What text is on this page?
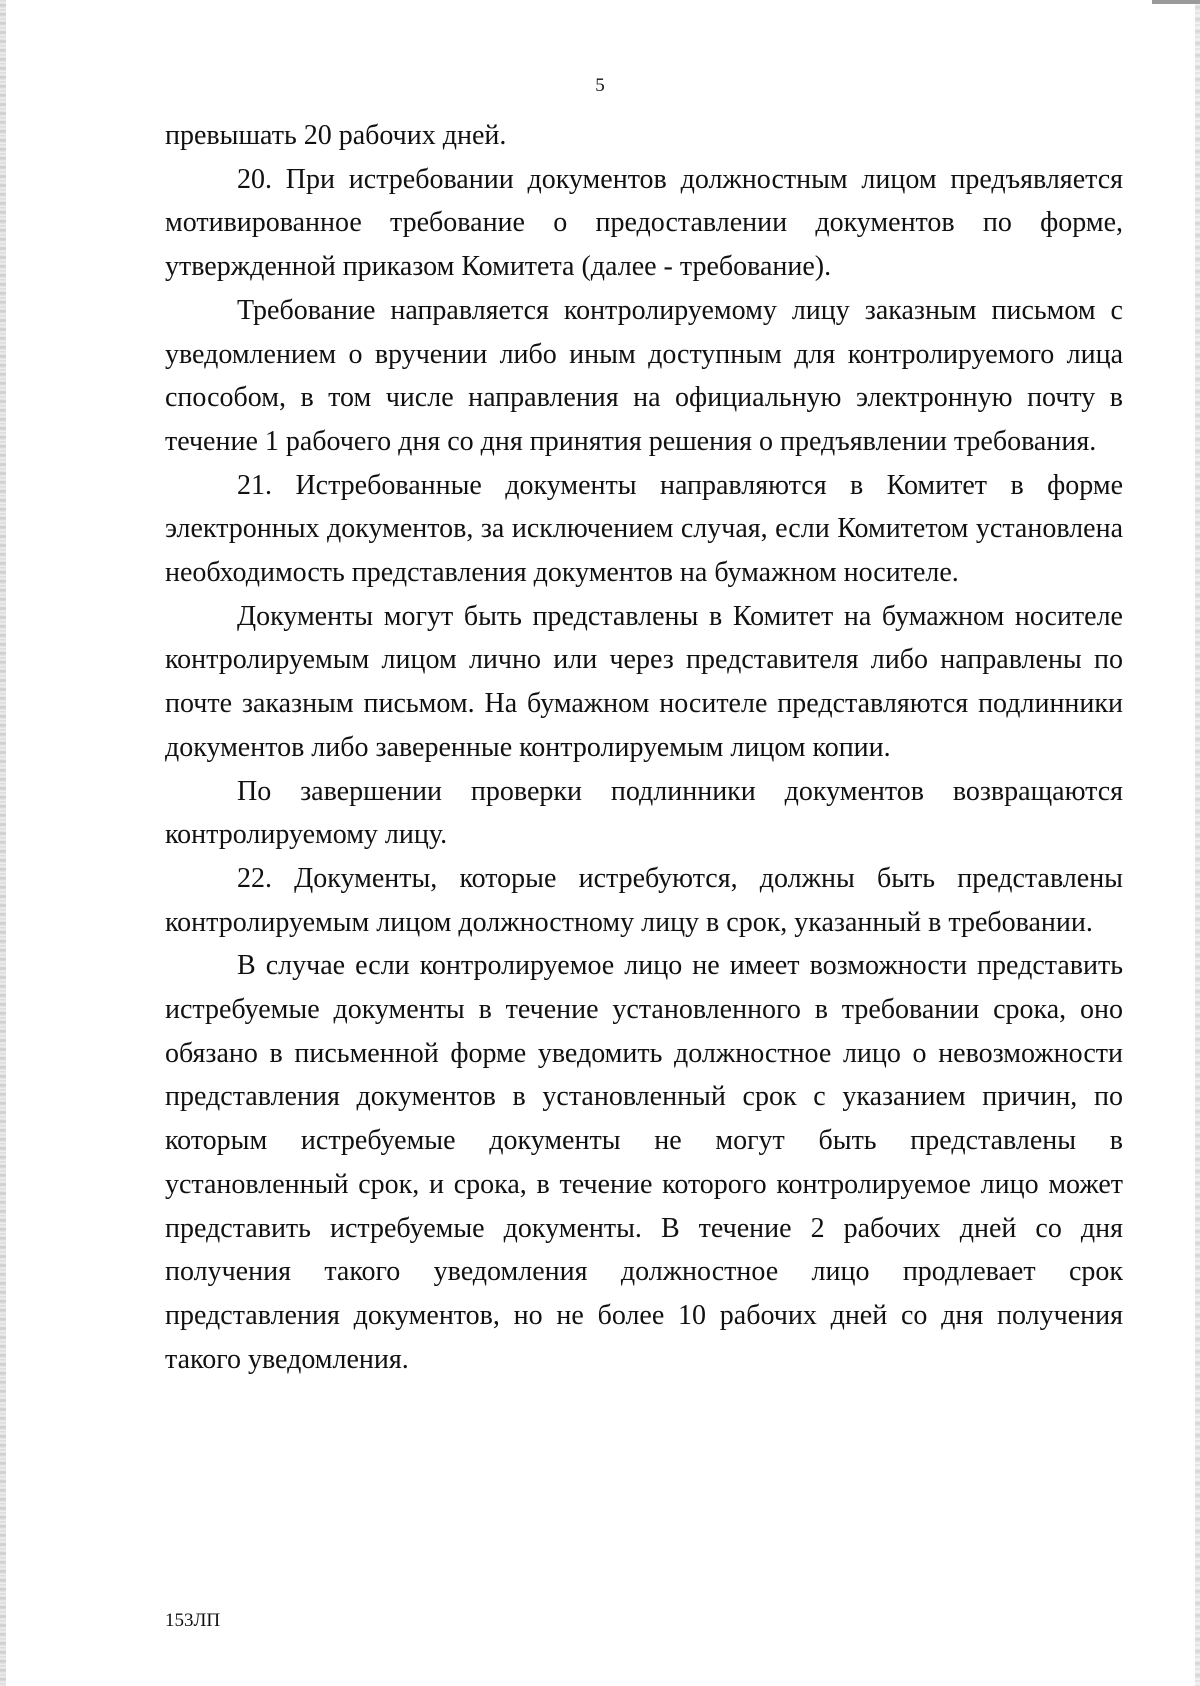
5

превышать 20 рабочих дней.

20. При истребовании документов должностным лицом предъявляется мотивированное требование о предоставлении документов по форме, утвержденной приказом Комитета (далее - требование).

Требование направляется контролируемому лицу заказным письмом с уведомлением о вручении либо иным доступным для контролируемого лица способом, в том числе направления на официальную электронную почту в течение 1 рабочего дня со дня принятия решения о предъявлении требования.

21. Истребованные документы направляются в Комитет в форме электронных документов, за исключением случая, если Комитетом установлена необходимость представления документов на бумажном носителе.

Документы могут быть представлены в Комитет на бумажном носителе контролируемым лицом лично или через представителя либо направлены по почте заказным письмом. На бумажном носителе представляются подлинники документов либо заверенные контролируемым лицом копии.

По завершении проверки подлинники документов возвращаются контролируемому лицу.

22. Документы, которые истребуются, должны быть представлены контролируемым лицом должностному лицу в срок, указанный в требовании.

В случае если контролируемое лицо не имеет возможности представить истребуемые документы в течение установленного в требовании срока, оно обязано в письменной форме уведомить должностное лицо о невозможности представления документов в установленный срок с указанием причин, по которым истребуемые документы не могут быть представлены в установленный срок, и срока, в течение которого контролируемое лицо может представить истребуемые документы. В течение 2 рабочих дней со дня получения такого уведомления должностное лицо продлевает срок представления документов, но не более 10 рабочих дней со дня получения такого уведомления.

153ЛП
